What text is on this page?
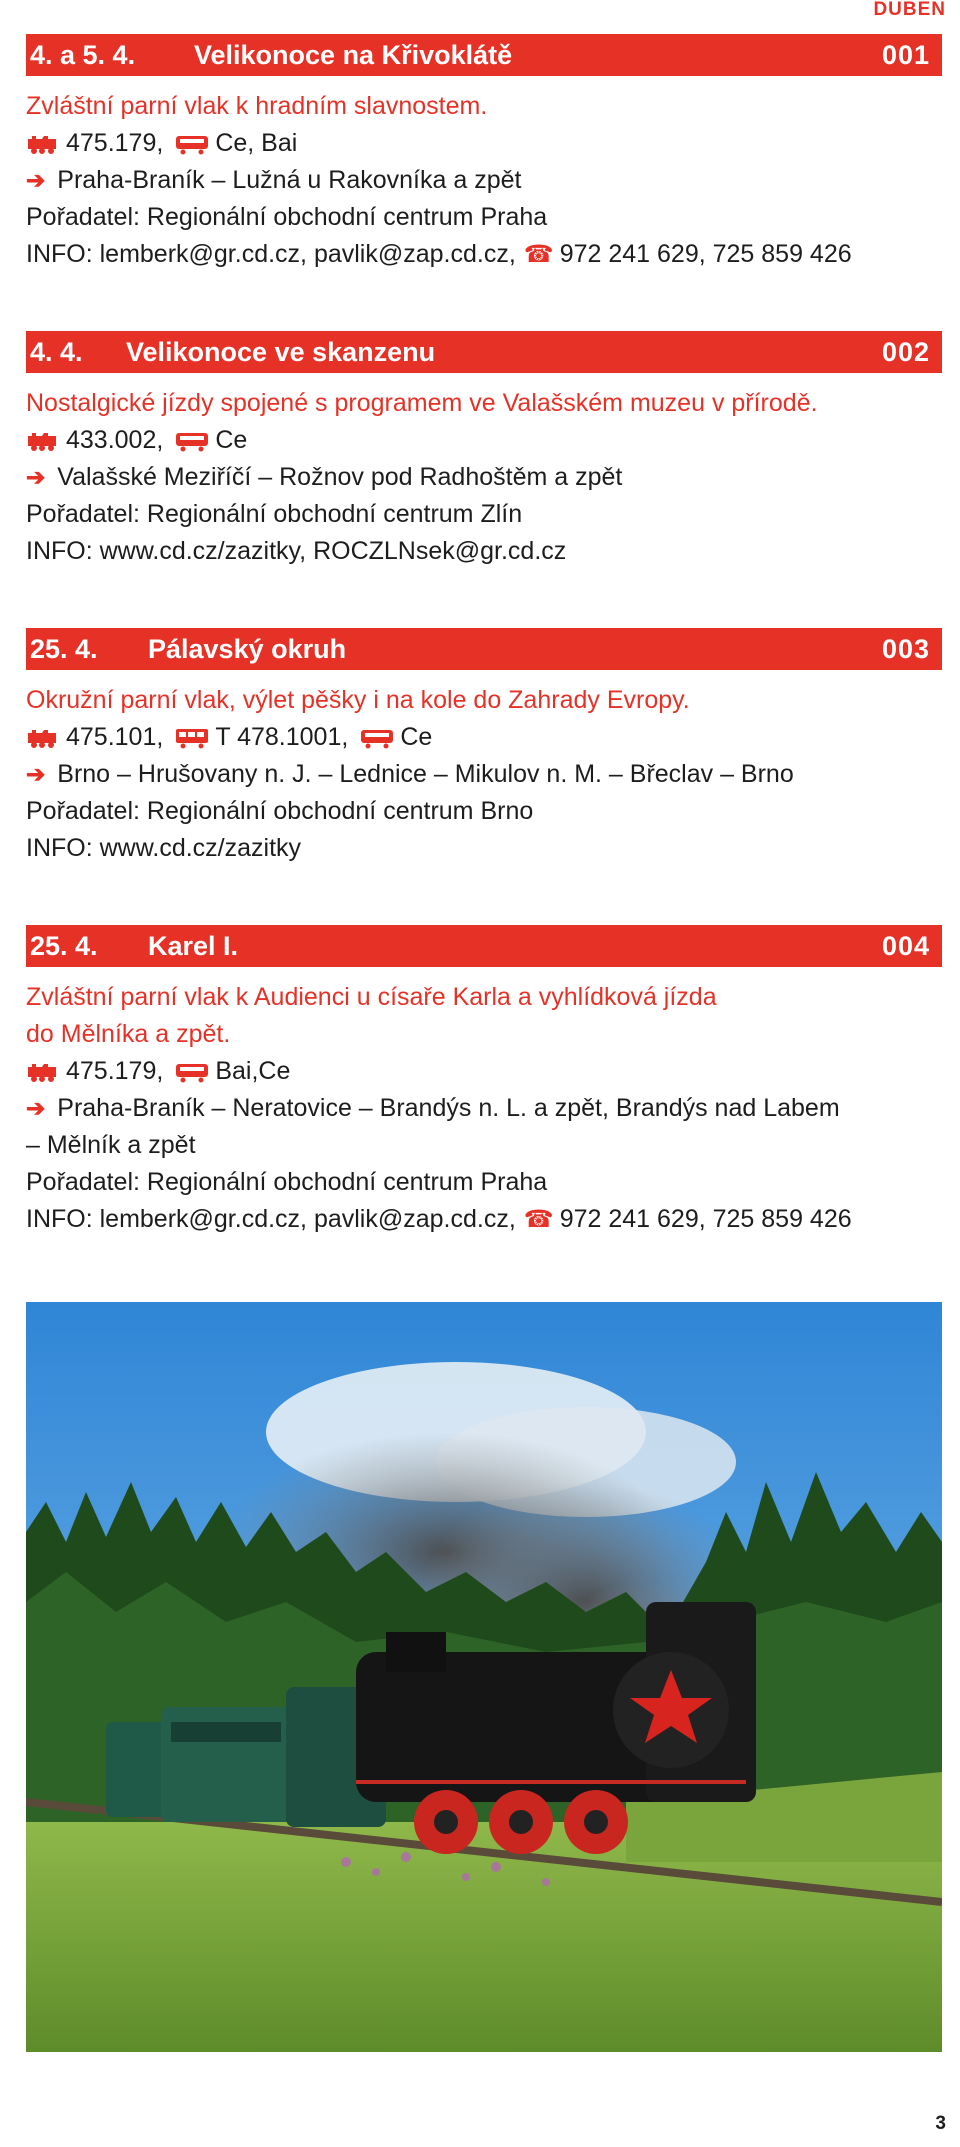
DUBEN
4. a 5. 4. Velikonoce na Křivoklátě	001
Zvláštní parní vlak k hradním slavnostem.
475.179, Ce, Bai
➔ Praha-Braník – Lužná u Rakovníka a zpět
Pořadatel: Regionální obchodní centrum Praha
INFO: lemberk@gr.cd.cz, pavlik@zap.cd.cz, ☎ 972 241 629, 725 859 426
4. 4. Velikonoce ve skanzenu	002
Nostalgické jízdy spojené s programem ve Valašském muzeu v přírodě.
433.002, Ce
➔ Valašské Meziříčí – Rožnov pod Radhoštěm a zpět
Pořadatel: Regionální obchodní centrum Zlín
INFO: www.cd.cz/zazitky, ROCZLNsek@gr.cd.cz
25. 4. Pálavský okruh	003
Okružní parní vlak, výlet pěšky i na kole do Zahrady Evropy.
475.101, T 478.1001, Ce
➔ Brno – Hrušovany n. J. – Lednice – Mikulov n. M. – Břeclav – Brno
Pořadatel: Regionální obchodní centrum Brno
INFO: www.cd.cz/zazitky
25. 4. Karel I.	004
Zvláštní parní vlak k Audienci u císaře Karla a vyhlídková jízda
do Mělníka a zpět.
475.179, Bai,Ce
➔ Praha-Braník – Neratovice – Brandýs n. L. a zpět, Brandýs nad Labem
– Mělník a zpět
Pořadatel: Regionální obchodní centrum Praha
INFO: lemberk@gr.cd.cz, pavlik@zap.cd.cz, ☎ 972 241 629, 725 859 426
3
